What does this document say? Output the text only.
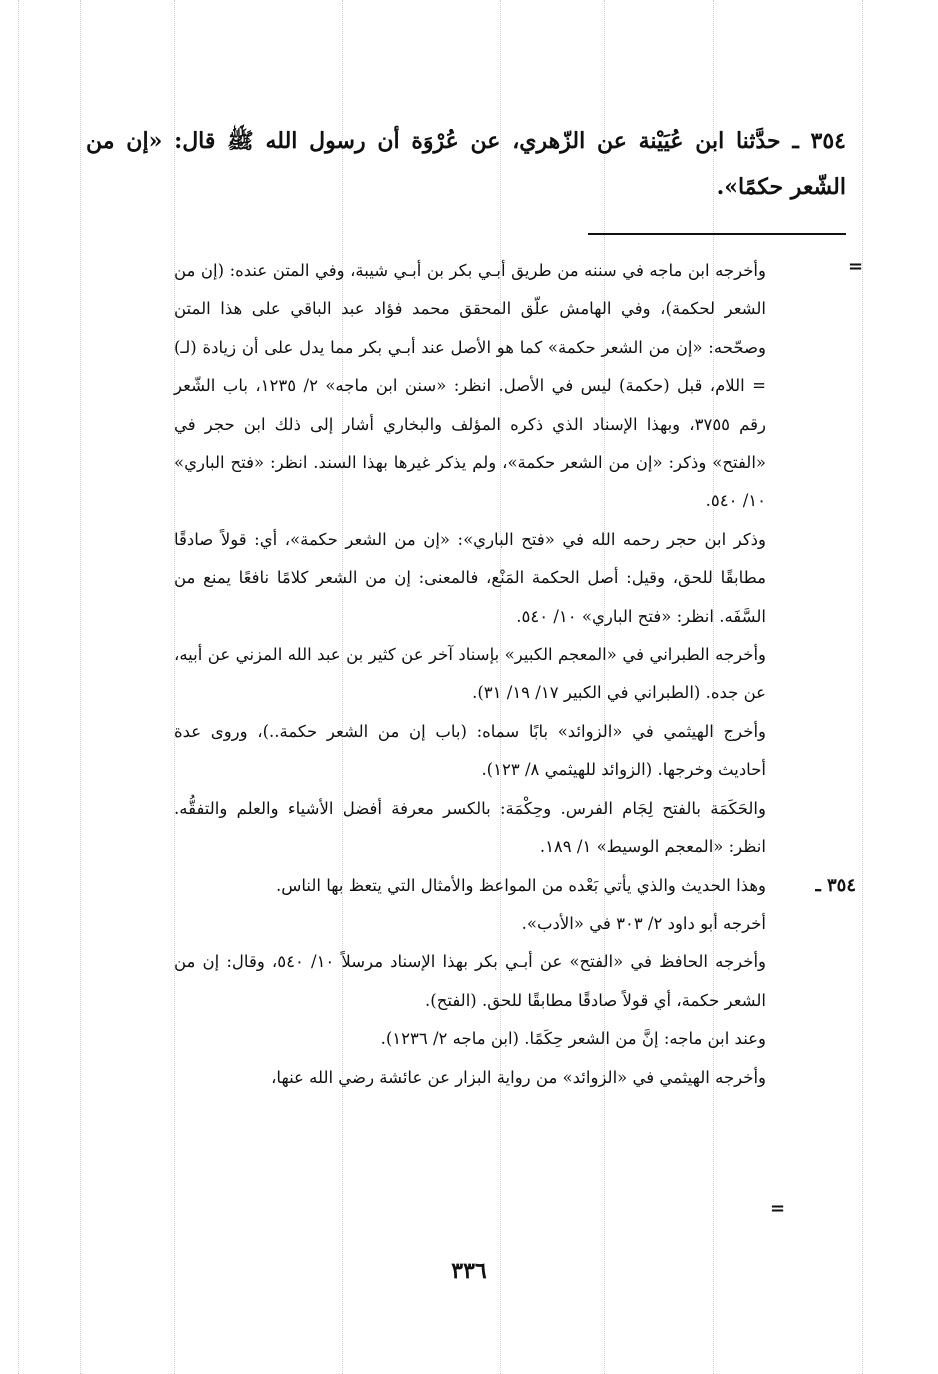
٣٥٤ ـ حدَّثنا ابن عُيَيْنة عن الزّهري، عن عُرْوَة أن رسول الله ﷺ قال: «إن من الشّعر حكمًا».

=

وأخرجه ابن ماجه في سننه من طريق أبـي بكر بن أبـي شيبة، وفي المتن عنده: (إن من الشعر لحكمة)، وفي الهامش علّق المحقق محمد فؤاد عبد الباقي على هذا المتن وصحّحه: «إن من الشعر حكمة» كما هو الأصل عند أبـي بكر مما يدل على أن زيادة (لـ) = اللام، قبل (حكمة) ليس في الأصل. انظر: «سنن ابن ماجه» ٢/ ١٢٣٥، باب الشّعر رقم ٣٧٥٥، وبهذا الإسناد الذي ذكره المؤلف والبخاري أشار إلى ذلك ابن حجر في «الفتح» وذكر: «إن من الشعر حكمة»، ولم يذكر غيرها بهذا السند. انظر: «فتح الباري» ١٠/ ٥٤٠.

وذكر ابن حجر رحمه الله في «فتح الباري»: «إن من الشعر حكمة»، أي: قولاً صادقًا مطابقًا للحق، وقيل: أصل الحكمة المَنْع، فالمعنى: إن من الشعر كلامًا نافعًا يمنع من السَّفَه. انظر: «فتح الباري» ١٠/ ٥٤٠.

وأخرجه الطبراني في «المعجم الكبير» بإسناد آخر عن كثير بن عبد الله المزني عن أبيه، عن جده. (الطبراني في الكبير ١٧/ ١٩/ ٣١).

وأخرج الهيثمي في «الزوائد» بابًا سماه: (باب إن من الشعر حكمة..)، وروى عدة أحاديث وخرجها. (الزوائد للهيثمي ٨/ ١٢٣).

والحَكَمَة بالفتح لِجَام الفرس. وحِكْمَة: بالكسر معرفة أفضل الأشياء والعلم والتفقُّه. انظر: «المعجم الوسيط» ١/ ١٨٩.

٣٥٤ ـ

وهذا الحديث والذي يأتي بَعْده من المواعظ والأمثال التي يتعظ بها الناس.

أخرجه أبو داود ٢/ ٣٠٣ في «الأدب».

وأخرجه الحافظ في «الفتح» عن أبـي بكر بهذا الإسناد مرسلاً ١٠/ ٥٤٠، وقال: إن من الشعر حكمة، أي قولاً صادقًا مطابقًا للحق. (الفتح).

وعند ابن ماجه: إنَّ من الشعر حِكَمًا. (ابن ماجه ٢/ ١٢٣٦).

وأخرجه الهيثمي في «الزوائد» من رواية البزار عن عائشة رضي الله عنها،

=
٣٣٦
